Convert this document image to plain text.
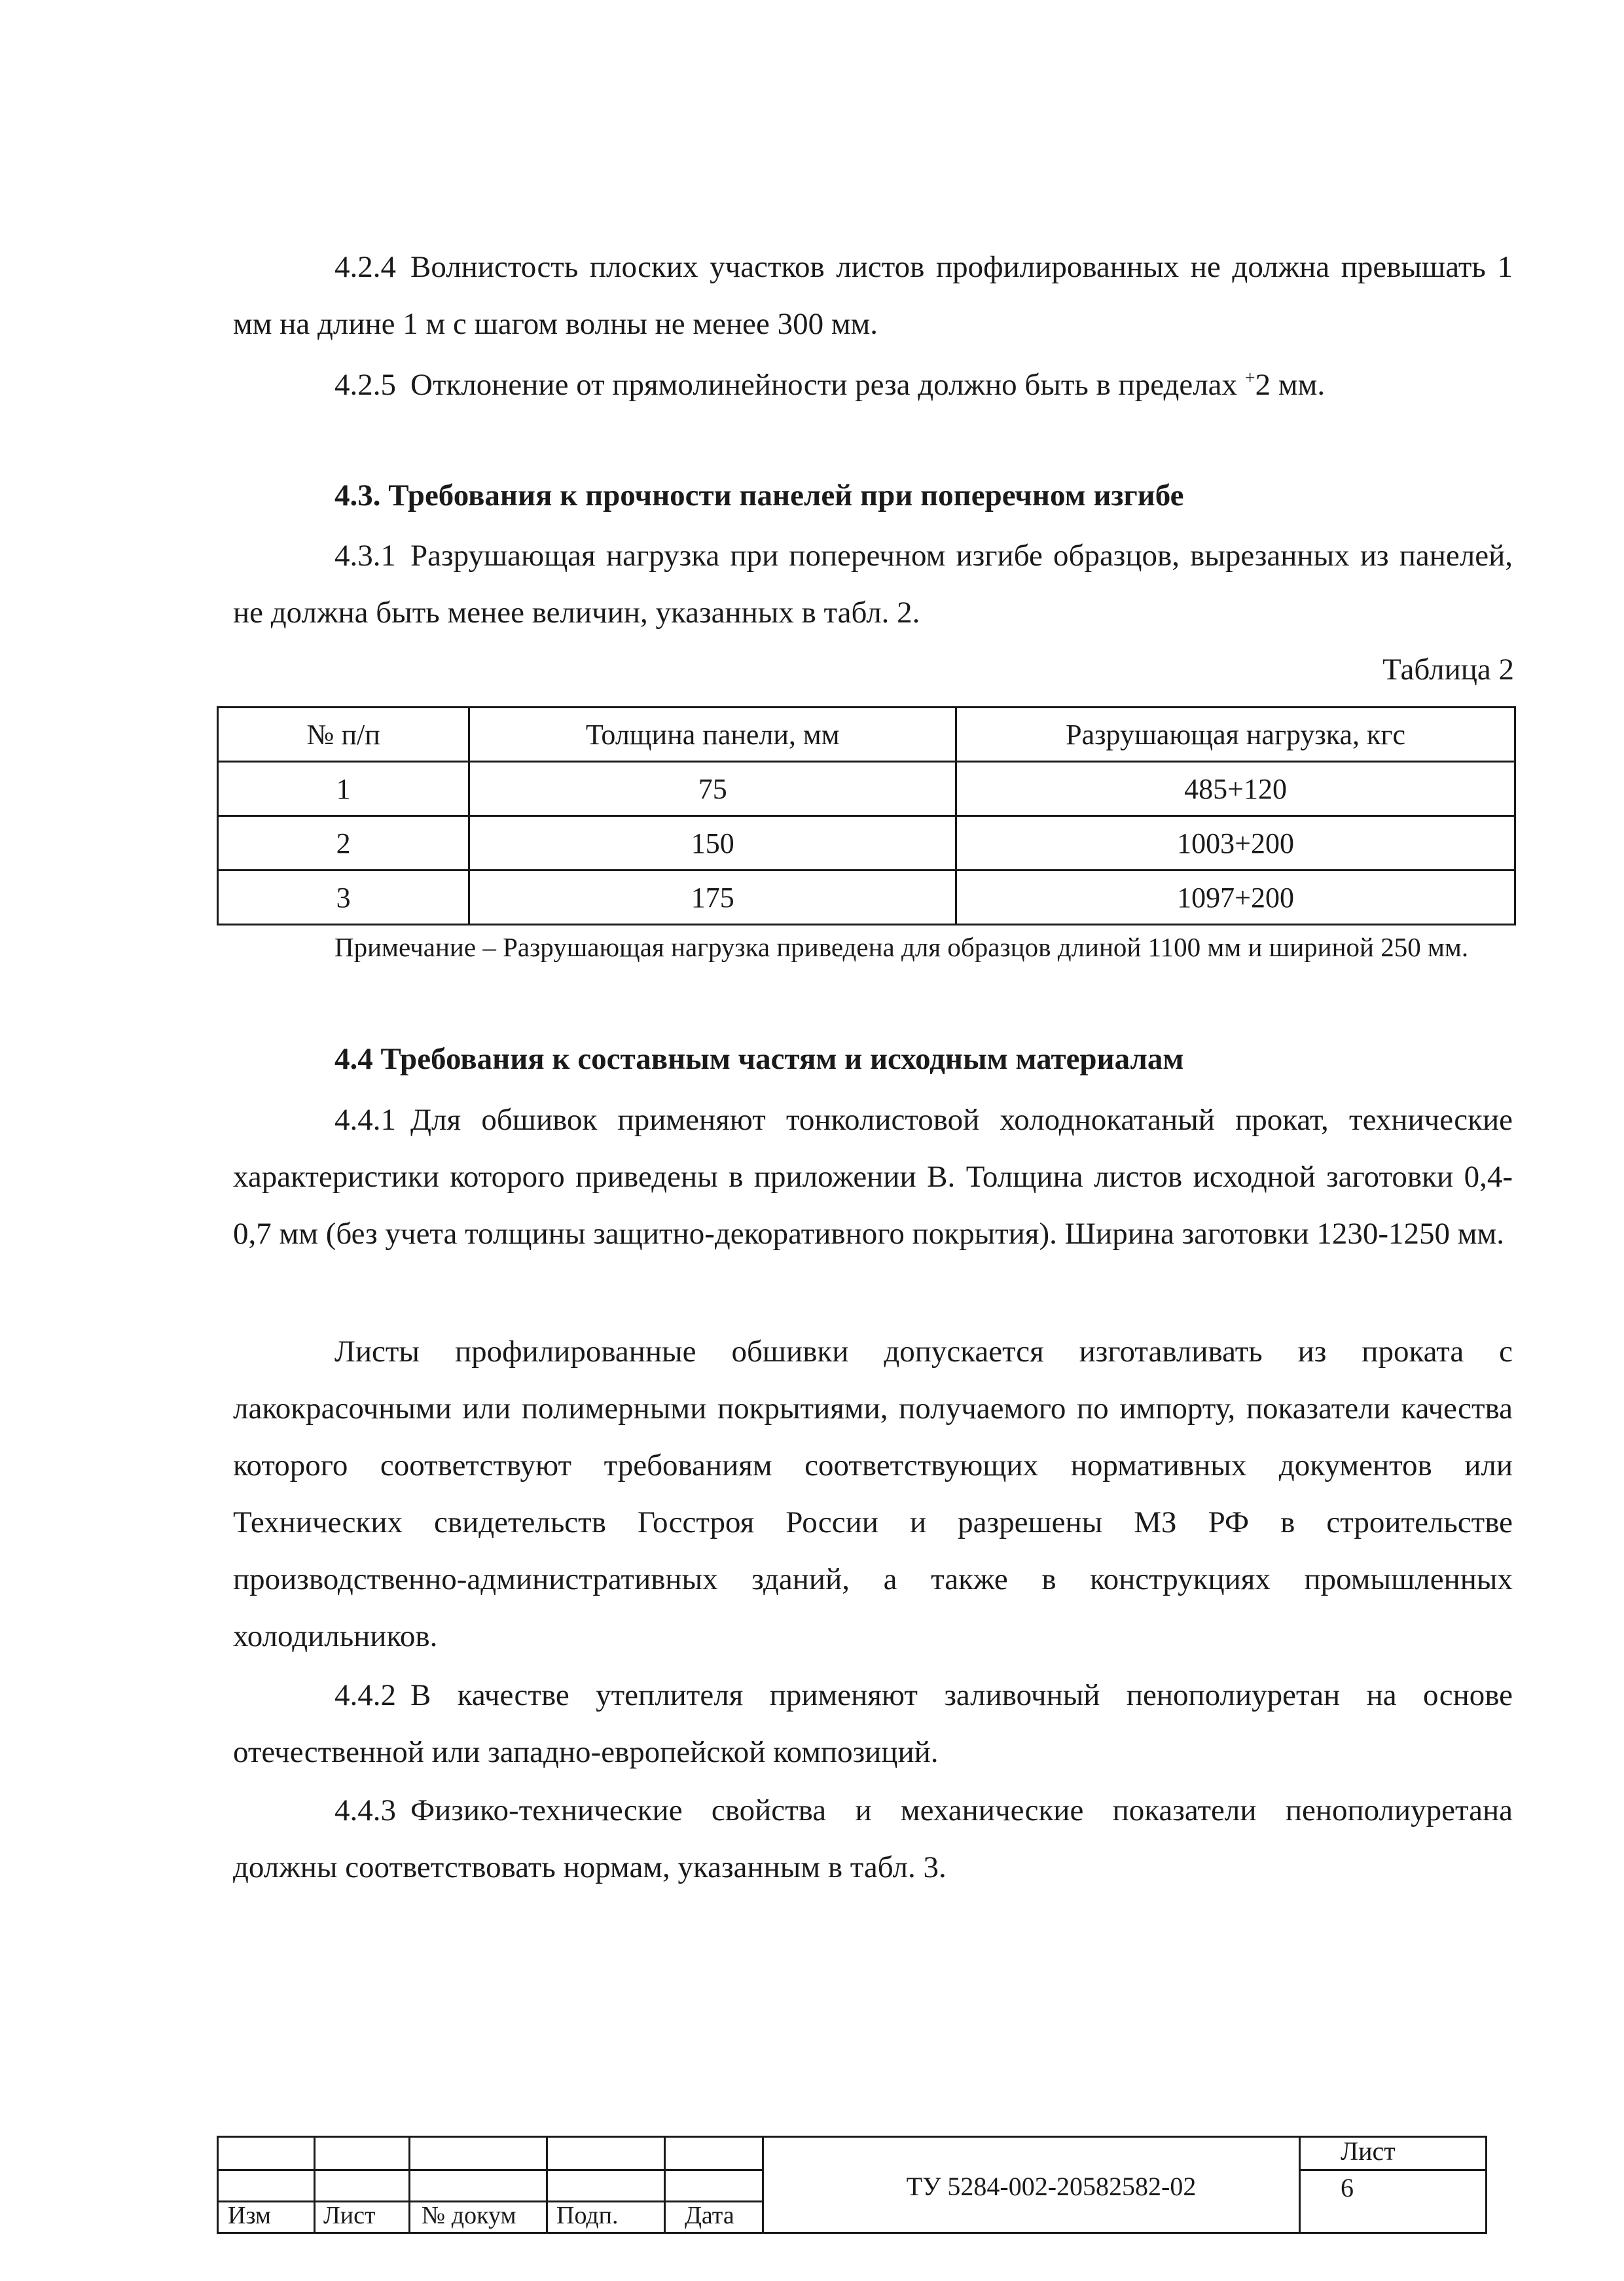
4.2.4 Волнистость плоских участков листов профилированных не должна превышать 1 мм на длине 1 м с шагом волны не менее 300 мм.

4.2.5 Отклонение от прямолинейности реза должно быть в пределах +2 мм.

4.3. Требования к прочности панелей при поперечном изгибе

4.3.1 Разрушающая нагрузка при поперечном изгибе образцов, вырезанных из панелей, не должна быть менее величин, указанных в табл. 2.

Таблица 2
№ п/п	Толщина панели, мм	Разрушающая нагрузка, кгс
1	75	485+120
2	150	1003+200
3	175	1097+200

Примечание – Разрушающая нагрузка приведена для образцов длиной 1100 мм и шириной 250 мм.

4.4 Требования к составным частям и исходным материалам

4.4.1 Для обшивок применяют тонколистовой холоднокатаный прокат, технические характеристики которого приведены в приложении В. Толщина листов исходной заготовки 0,4-0,7 мм (без учета толщины защитно-декоративного покрытия). Ширина заготовки 1230-1250 мм.

Листы профилированные обшивки допускается изготавливать из проката с лакокрасочными или полимерными покрытиями, получаемого по импорту, показатели качества которого соответствуют требованиям соответствующих нормативных документов или Технических свидетельств Госстроя России и разрешены МЗ РФ в строительстве производственно-административных зданий, а также в конструкциях промышленных холодильников.

4.4.2 В качестве утеплителя применяют заливочный пенополиуретан на основе отечественной или западно-европейской композиций.

4.4.3 Физико-технические свойства и механические показатели пенополиуретана должны соответствовать нормам, указанным в табл. 3.

Изм Лист № докум Подп.	Дата
ТУ 5284-002-20582582-02
Лист
6
